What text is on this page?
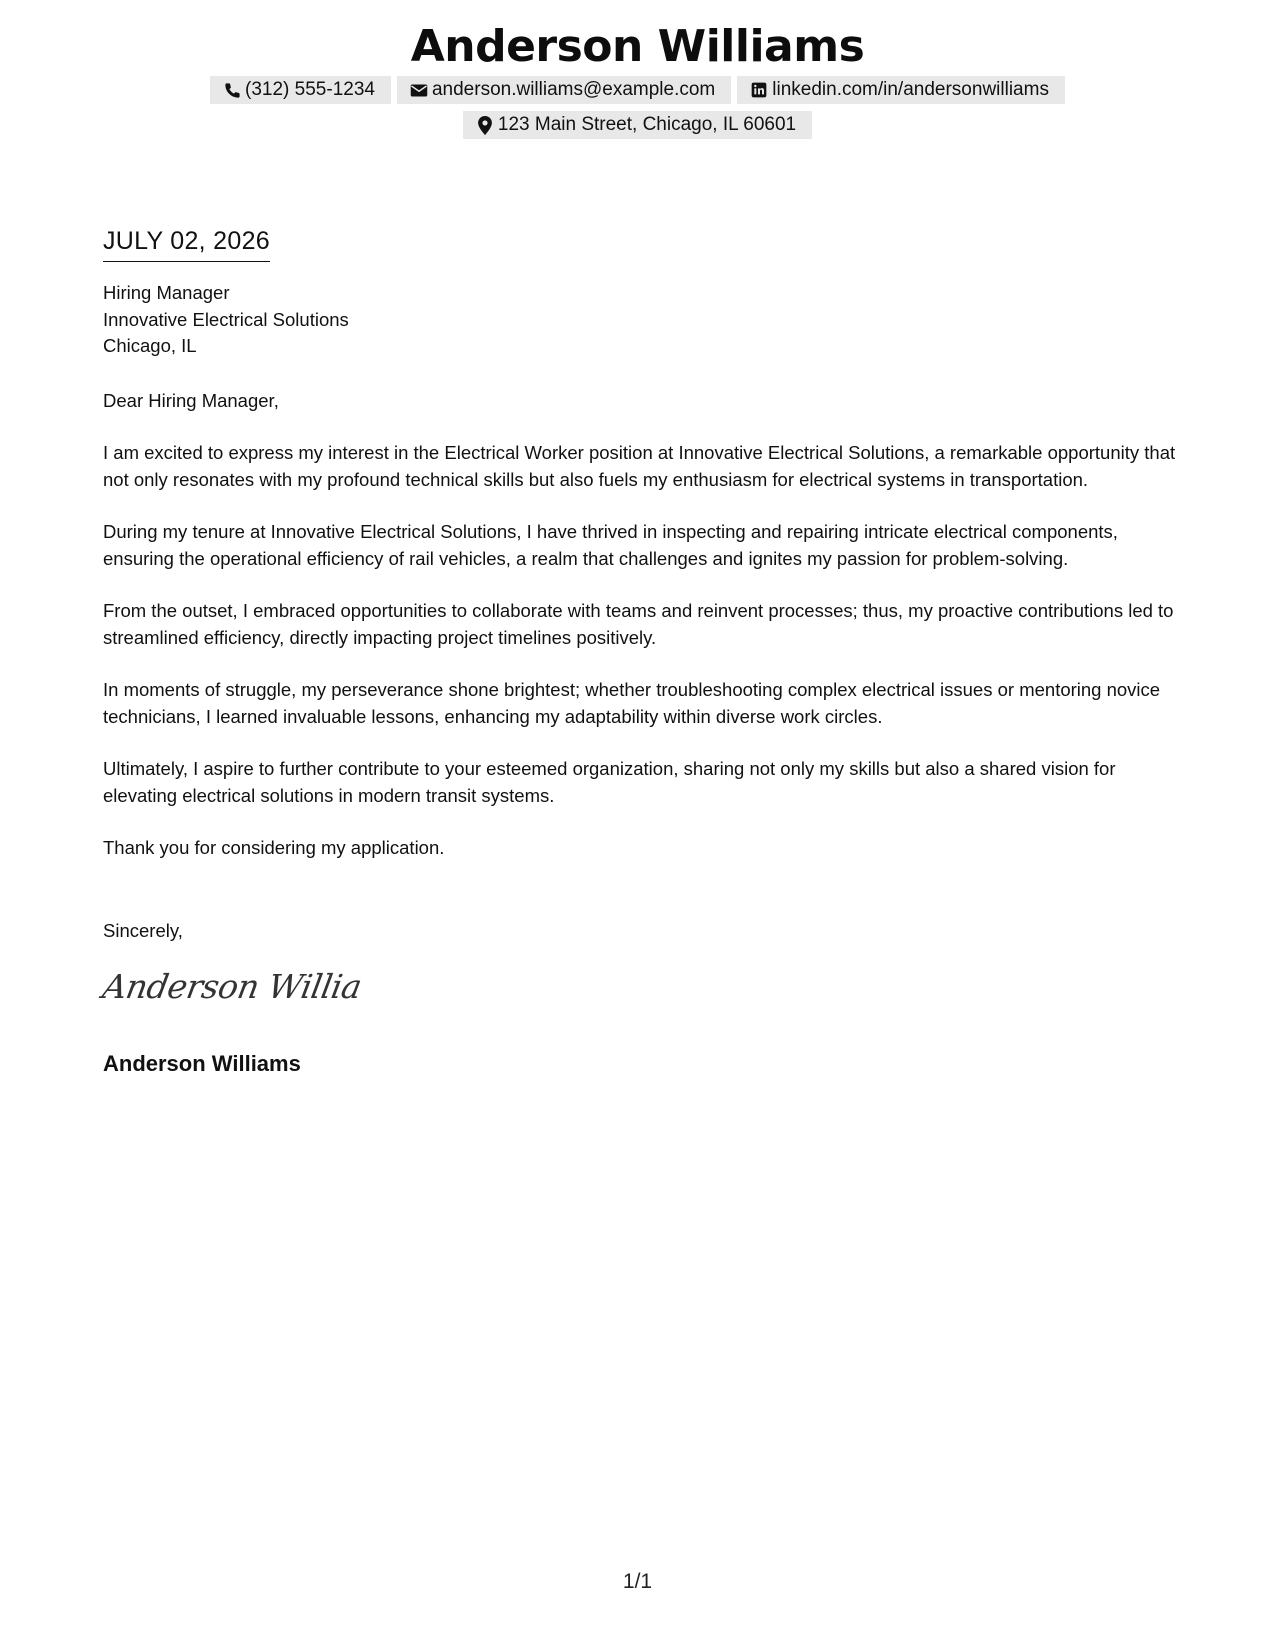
Anderson Williams
(312) 555-1234	anderson.williams@example.com	linkedin.com/in/andersonwilliams
123 Main Street, Chicago, IL 60601
JULY 02, 2026
Hiring Manager
Innovative Electrical Solutions
Chicago, IL
Dear Hiring Manager,
I am excited to express my interest in the Electrical Worker position at Innovative Electrical Solutions, a remarkable opportunity that not only resonates with my profound technical skills but also fuels my enthusiasm for electrical systems in transportation.
During my tenure at Innovative Electrical Solutions, I have thrived in inspecting and repairing intricate electrical components, ensuring the operational efficiency of rail vehicles, a realm that challenges and ignites my passion for problem-solving.
From the outset, I embraced opportunities to collaborate with teams and reinvent processes; thus, my proactive contributions led to streamlined efficiency, directly impacting project timelines positively.
In moments of struggle, my perseverance shone brightest; whether troubleshooting complex electrical issues or mentoring novice technicians, I learned invaluable lessons, enhancing my adaptability within diverse work circles.
Ultimately, I aspire to further contribute to your esteemed organization, sharing not only my skills but also a shared vision for elevating electrical solutions in modern transit systems.
Thank you for considering my application.
Sincerely,
Anderson Willia
Anderson Williams
1/1
